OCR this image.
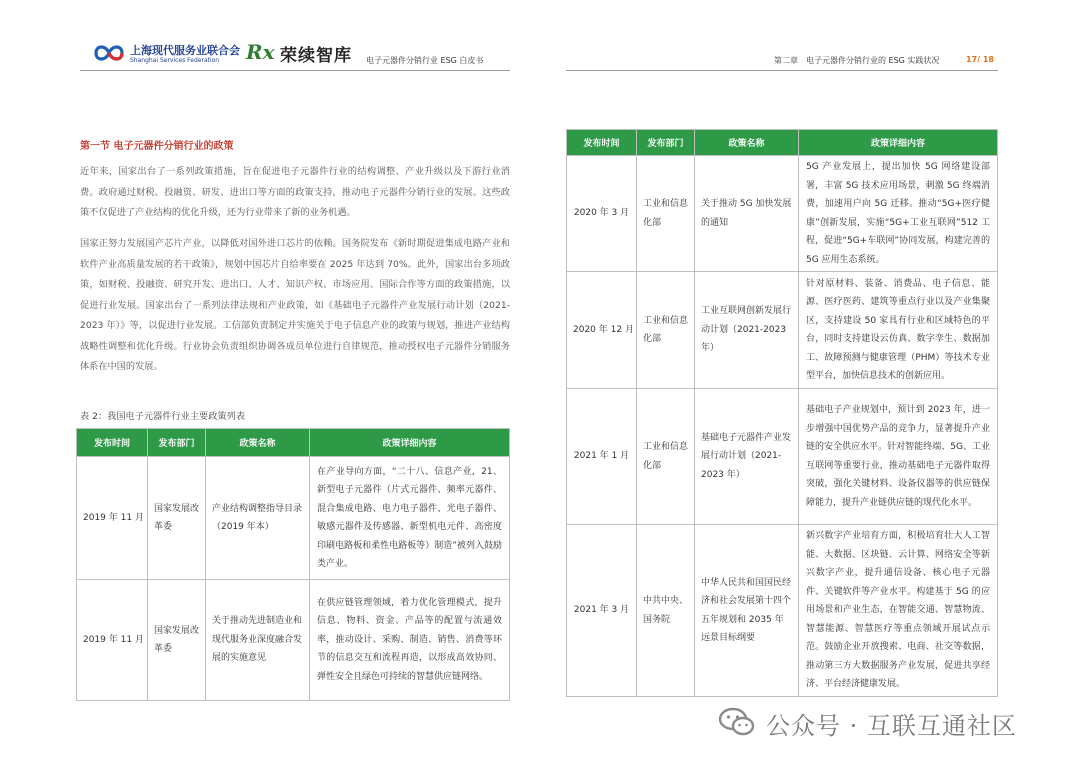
上海现代服务业联合会
Shanghai Services Federation Rx 荣续智库 电子元器件分销行业 ESG 白皮书	第二章　电子元器件分销行业的 ESG 实践状况	17/ 18
第一节 电子元器件分销行业的政策
近年来，国家出台了一系列政策措施，旨在促进电子元器件行业的结构调整、产业升级以及下游行业消费。政府通过财税、投融资、研发、进出口等方面的政策支持，推动电子元器件分销行业的发展。这些政策不仅促进了产业结构的优化升级，还为行业带来了新的业务机遇。
国家正努力发展国产芯片产业，以降低对国外进口芯片的依赖。国务院发布《新时期促进集成电路产业和软件产业高质量发展的若干政策》，规划中国芯片自给率要在 2025 年达到 70%。此外，国家出台多项政策，如财税、投融资、研究开发、进出口、人才、知识产权、市场应用、国际合作等方面的政策措施，以促进行业发展。国家出台了一系列法律法规和产业政策，如《基础电子元器件产业发展行动计划（2021-2023 年）》等，以促进行业发展。工信部负责制定并实施关于电子信息产业的政策与规划，推进产业结构战略性调整和优化升级。行业协会负责组织协调各成员单位进行自律规范，推动授权电子元器件分销服务体系在中国的发展。
表 2：我国电子元器件行业主要政策列表
发布时间	发布部门	政策名称	政策详细内容
2019 年 11 月	国家发展改革委	产业结构调整指导目录（2019 年本）	在产业导向方面，“二十八、信息产业，21、新型电子元器件（片式元器件、频率元器件、混合集成电路、电力电子器件、光电子器件、敏感元器件及传感器、新型机电元件、高密度印刷电路板和柔性电路板等）制造”被列入鼓励类产业。
2019 年 11 月	国家发展改革委	关于推动先进制造业和现代服务业深度融合发展的实施意见	在供应链管理领域，着力优化管理模式，提升信息、物料、资金、产品等的配置与流通效率，推动设计、采购、制造、销售、消费等环节的信息交互和流程再造，以形成高效协同、弹性安全且绿色可持续的智慧供应链网络。
发布时间	发布部门	政策名称	政策详细内容
2020 年 3 月	工业和信息化部	关于推动 5G 加快发展的通知	5G 产业发展上，提出加快 5G 网络建设部署，丰富 5G 技术应用场景，刺激 5G 终端消费，加速用户向 5G 迁移。推动“5G+医疗健康”创新发展，实施“5G+工业互联网”512 工程，促进“5G+车联网”协同发展，构建完善的 5G 应用生态系统。
2020 年 12 月	工业和信息化部	工业互联网创新发展行动计划（2021-2023 年）	针对原材料、装备、消费品、电子信息、能源、医疗医药、建筑等重点行业以及产业集聚区，支持建设 50 家具有行业和区域特色的平台，同时支持建设云仿真、数字孪生、数据加工、故障预测与健康管理（PHM）等技术专业型平台，加快信息技术的创新应用。
2021 年 1 月	工业和信息化部	基础电子元器件产业发展行动计划（2021-2023 年）	基础电子产业规划中，预计到 2023 年，进一步增强中国优势产品的竞争力，显著提升产业链的安全供应水平。针对智能终端、5G、工业互联网等重要行业，推动基础电子元器件取得突破，强化关键材料、设备仪器等的供应链保障能力，提升产业链供应链的现代化水平。
2021 年 3 月	中共中央、国务院	中华人民共和国国民经济和社会发展第十四个五年规划和 2035 年远景目标纲要	新兴数字产业培育方面，积极培育壮大人工智能、大数据、区块链、云计算、网络安全等新兴数字产业，提升通信设备、核心电子元器件、关键软件等产业水平。构建基于 5G 的应用场景和产业生态，在智能交通、智慧物流、智慧能源、智慧医疗等重点领域开展试点示范。鼓励企业开放搜索、电商、社交等数据，推动第三方大数据服务产业发展，促进共享经济、平台经济健康发展。
公众号 · 互联互通社区
